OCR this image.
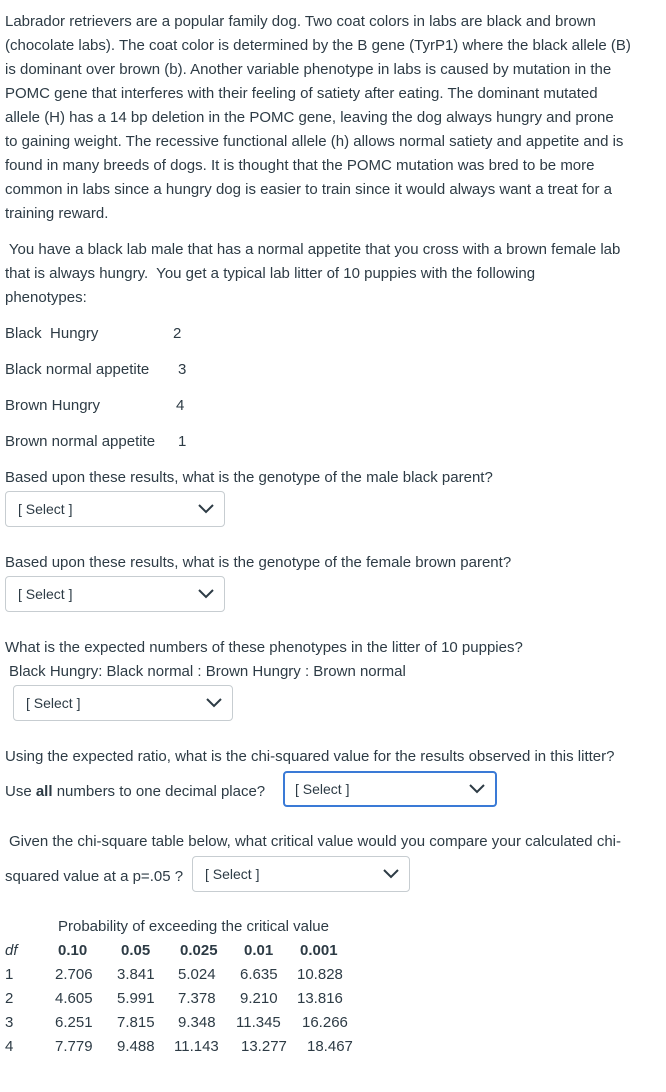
Labrador retrievers are a popular family dog. Two coat colors in labs are black and brown
(chocolate labs). The coat color is determined by the B gene (TyrP1) where the black allele (B)
is dominant over brown (b). Another variable phenotype in labs is caused by mutation in the
POMC gene that interferes with their feeling of satiety after eating. The dominant mutated
allele (H) has a 14 bp deletion in the POMC gene, leaving the dog always hungry and prone
to gaining weight. The recessive functional allele (h) allows normal satiety and appetite and is
found in many breeds of dogs. It is thought that the POMC mutation was bred to be more
common in labs since a hungry dog is easier to train since it would always want a treat for a
training reward.
You have a black lab male that has a normal appetite that you cross with a brown female lab
that is always hungry.  You get a typical lab litter of 10 puppies with the following
phenotypes:
Black  Hungry	2
Black normal appetite 3
Brown Hungry	4
Brown normal appetite 1
Based upon these results, what is the genotype of the male black parent?
[ Select ]
Based upon these results, what is the genotype of the female brown parent?
[ Select ]
What is the expected numbers of these phenotypes in the litter of 10 puppies?
Black Hungry: Black normal : Brown Hungry : Brown normal
[ Select ]
Using the expected ratio, what is the chi-squared value for the results observed in this litter?
Use all numbers to one decimal place? [ Select ]
Given the chi-square table below, what critical value would you compare your calculated chi-
squared value at a p=.05 ? [ Select ]
Probability of exceeding the critical value
df	0.10 0.05 0.025 0.01 0.001
1	2.706 3.841 5.024 6.635 10.828
2	4.605 5.991 7.378 9.210 13.816
3	6.251 7.815 9.348 11.345 16.266
4	7.779 9.488 11.143 13.277 18.467
